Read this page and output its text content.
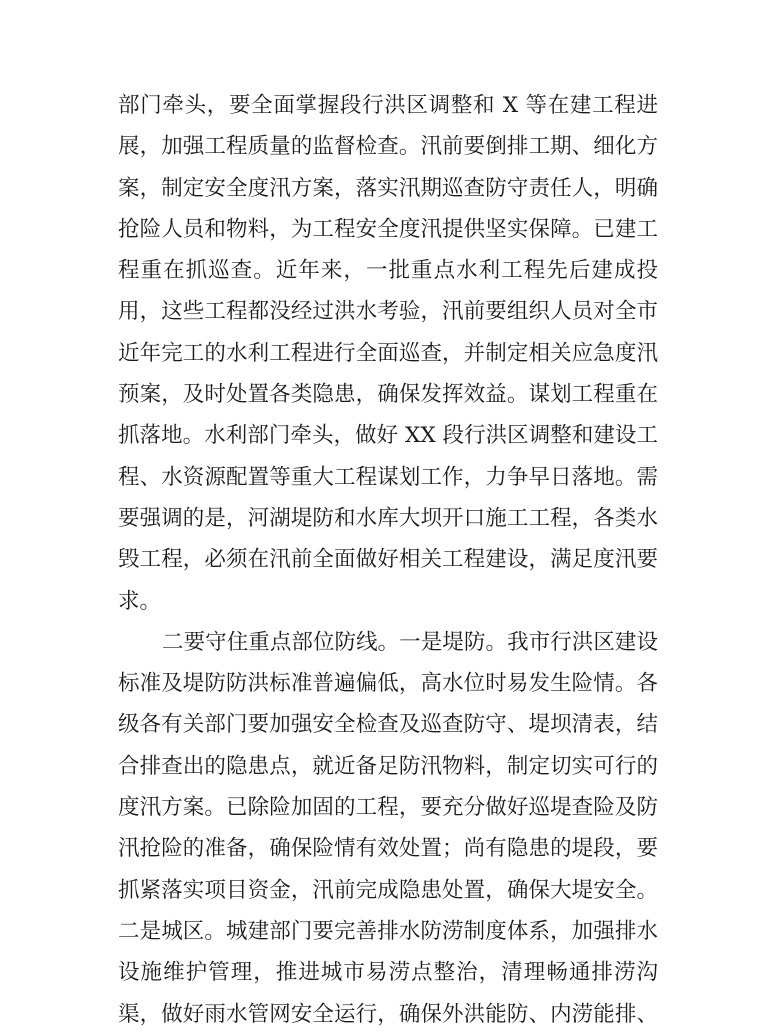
部门牵头，要全面掌握段行洪区调整和 X 等在建工程进
展，加强工程质量的监督检查。汛前要倒排工期、细化方
案，制定安全度汛方案，落实汛期巡查防守责任人，明确
抢险人员和物料，为工程安全度汛提供坚实保障。已建工
程重在抓巡查。近年来，一批重点水利工程先后建成投
用，这些工程都没经过洪水考验，汛前要组织人员对全市
近年完工的水利工程进行全面巡查，并制定相关应急度汛
预案，及时处置各类隐患，确保发挥效益。谋划工程重在
抓落地。水利部门牵头，做好 XX 段行洪区调整和建设工
程、水资源配置等重大工程谋划工作，力争早日落地。需
要强调的是，河湖堤防和水库大坝开口施工工程，各类水
毁工程，必须在汛前全面做好相关工程建设，满足度汛要
求。
二要守住重点部位防线。一是堤防。我市行洪区建设
标准及堤防防洪标准普遍偏低，高水位时易发生险情。各
级各有关部门要加强安全检查及巡查防守、堤坝清表，结
合排查出的隐患点，就近备足防汛物料，制定切实可行的
度汛方案。已除险加固的工程，要充分做好巡堤查险及防
汛抢险的准备，确保险情有效处置；尚有隐患的堤段，要
抓紧落实项目资金，汛前完成隐患处置，确保大堤安全。
二是城区。城建部门要完善排水防涝制度体系，加强排水
设施维护管理，推进城市易涝点整治，清理畅通排涝沟
渠，做好雨水管网安全运行，确保外洪能防、内涝能排、
